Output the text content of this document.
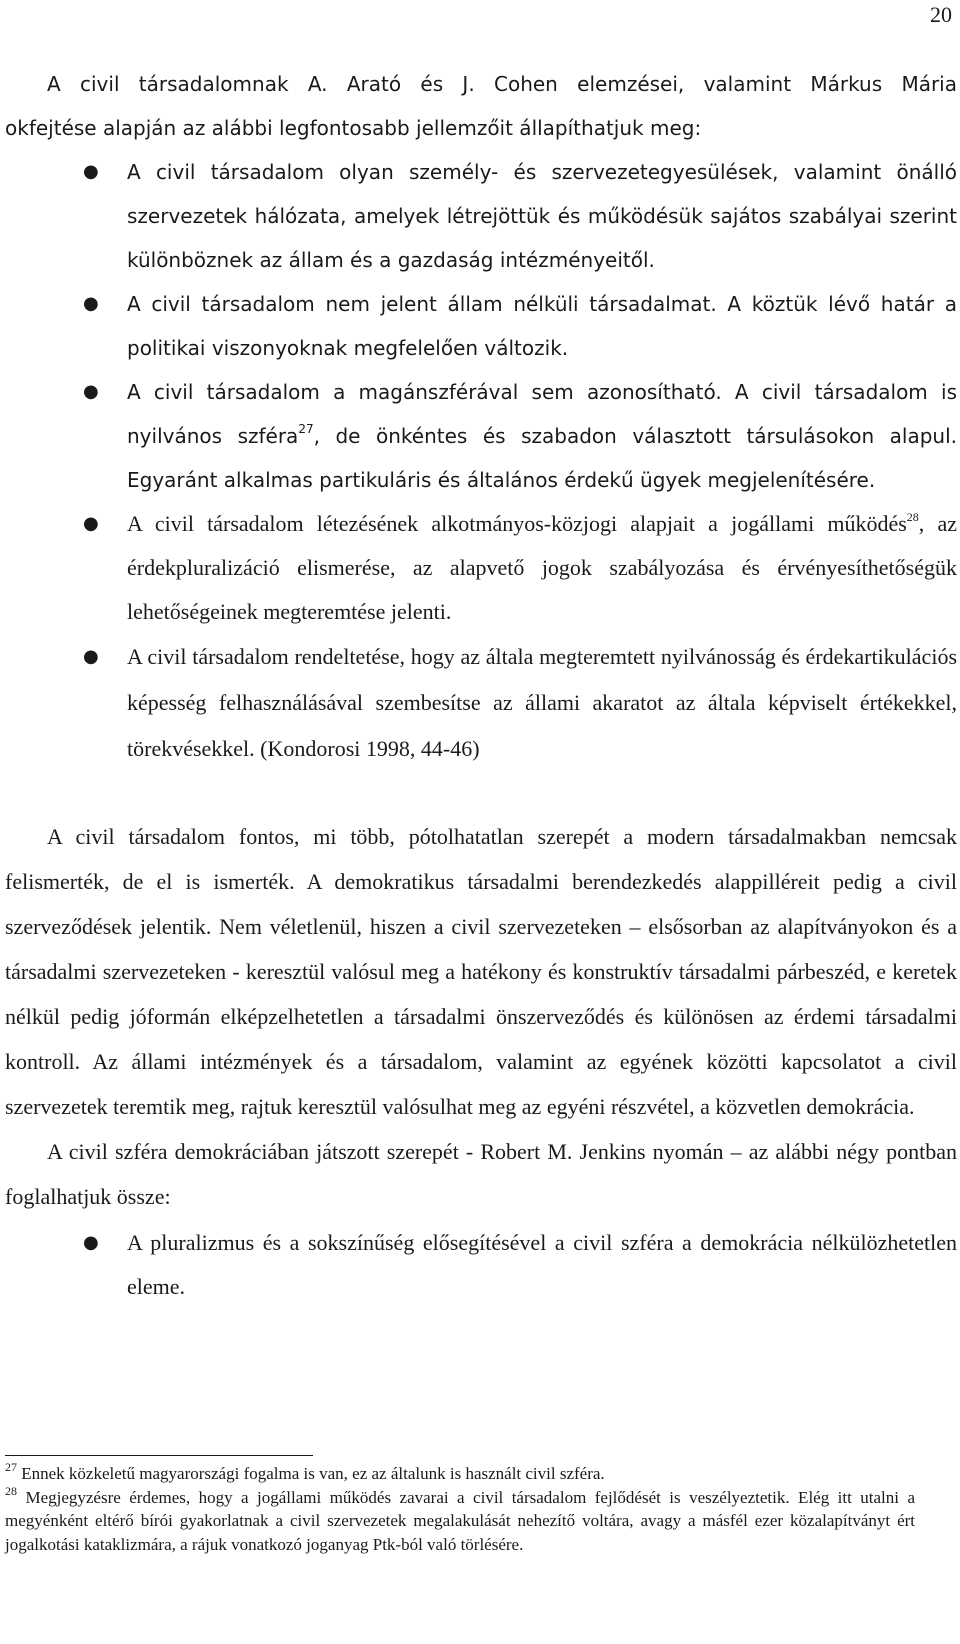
20

A civil társadalomnak A. Arató és J. Cohen elemzései, valamint Márkus Mária

okfejtése alapján az alábbi legfontosabb jellemzőit állapíthatjuk meg:

● A civil társadalom olyan személy- és szervezetegyesülések, valamint önálló szervezetek hálózata, amelyek létrejöttük és működésük sajátos szabályai szerint különböznek az állam és a gazdaság intézményeitől.
● A civil társadalom nem jelent állam nélküli társadalmat. A köztük lévő határ a politikai viszonyoknak megfelelően változik.
● A civil társadalom a magánszférával sem azonosítható. A civil társadalom is nyilvános szféra$^{27}$, de önkéntes és szabadon választott társulásokon alapul. Egyaránt alkalmas partikuláris és általános érdekű ügyek megjelenítésére.
● A civil társadalom létezésének alkotmányos-közjogi alapjait a jogállami működés$^{28}$, az érdekpluralizáció elismerése, az alapvető jogok szabályozása és érvényesíthetőségük lehetőségeinek megteremtése jelenti.
● A civil társadalom rendeltetése, hogy az általa megteremtett nyilvánosság és érdekartikulációs képesség felhasználásával szembesítse az állami akaratot az általa képviselt értékekkel, törekvésekkel. (Kondorosi 1998, 44-46)

A civil társadalom fontos, mi több, pótolhatatlan szerepét a modern társadalmakban nemcsak felismerték, de el is ismerték. A demokratikus társadalmi berendezkedés alappilléreit pedig a civil szerveződések jelentik. Nem véletlenül, hiszen a civil szervezeteken – elsősorban az alapítványokon és a társadalmi szervezeteken - keresztül valósul meg a hatékony és konstruktív társadalmi párbeszéd, e keretek nélkül pedig jóformán elképzelhetetlen a társadalmi önszerveződés és különösen az érdemi társadalmi kontroll. Az állami intézmények és a társadalom, valamint az egyének közötti kapcsolatot a civil szervezetek teremtik meg, rajtuk keresztül valósulhat meg az egyéni részvétel, a közvetlen demokrácia.

A civil szféra demokráciában játszott szerepét - Robert M. Jenkins nyomán – az alábbi négy pontban foglalhatjuk össze:

● A pluralizmus és a sokszínűség elősegítésével a civil szféra a demokrácia nélkülözhetetlen eleme.
$^{27}$ Ennek közkeletű magyarországi fogalma is van, ez az általunk is használt civil szféra.
$^{28}$ Megjegyzésre érdemes, hogy a jogállami működés zavarai a civil társadalom fejlődését is veszélyeztetik. Elég itt utalni a megyénként eltérő bírói gyakorlatnak a civil szervezetek megalakulását nehezítő voltára, avagy a másfél ezer közalapítványt ért jogalkotási kataklizmára, a rájuk vonatkozó joganyag Ptk-ból való törlésére.
